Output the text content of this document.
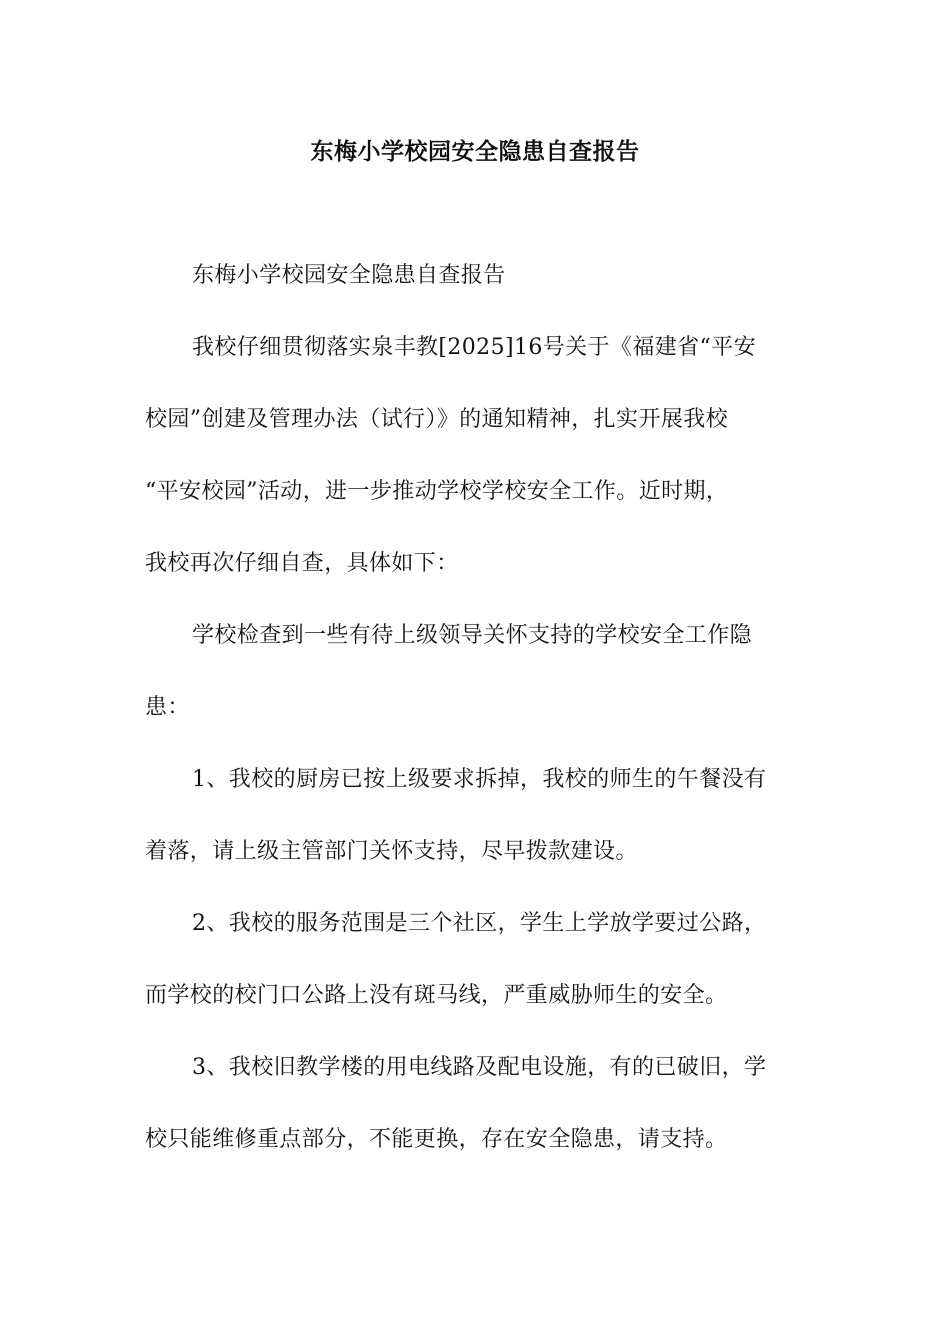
东梅小学校园安全隐患自查报告
东梅小学校园安全隐患自查报告
我校仔细贯彻落实泉丰教[2025]16号关于《福建省“平安
校园”创建及管理办法（试行）》的通知精神，扎实开展我校
“平安校园”活动，进一步推动学校学校安全工作。近时期，
我校再次仔细自查，具体如下：
学校检查到一些有待上级领导关怀支持的学校安全工作隐
患：
1、我校的厨房已按上级要求拆掉，我校的师生的午餐没有
着落，请上级主管部门关怀支持，尽早拨款建设。
2、我校的服务范围是三个社区，学生上学放学要过公路，
而学校的校门口公路上没有斑马线，严重威胁师生的安全。
3、我校旧教学楼的用电线路及配电设施，有的已破旧，学
校只能维修重点部分，不能更换，存在安全隐患，请支持。
